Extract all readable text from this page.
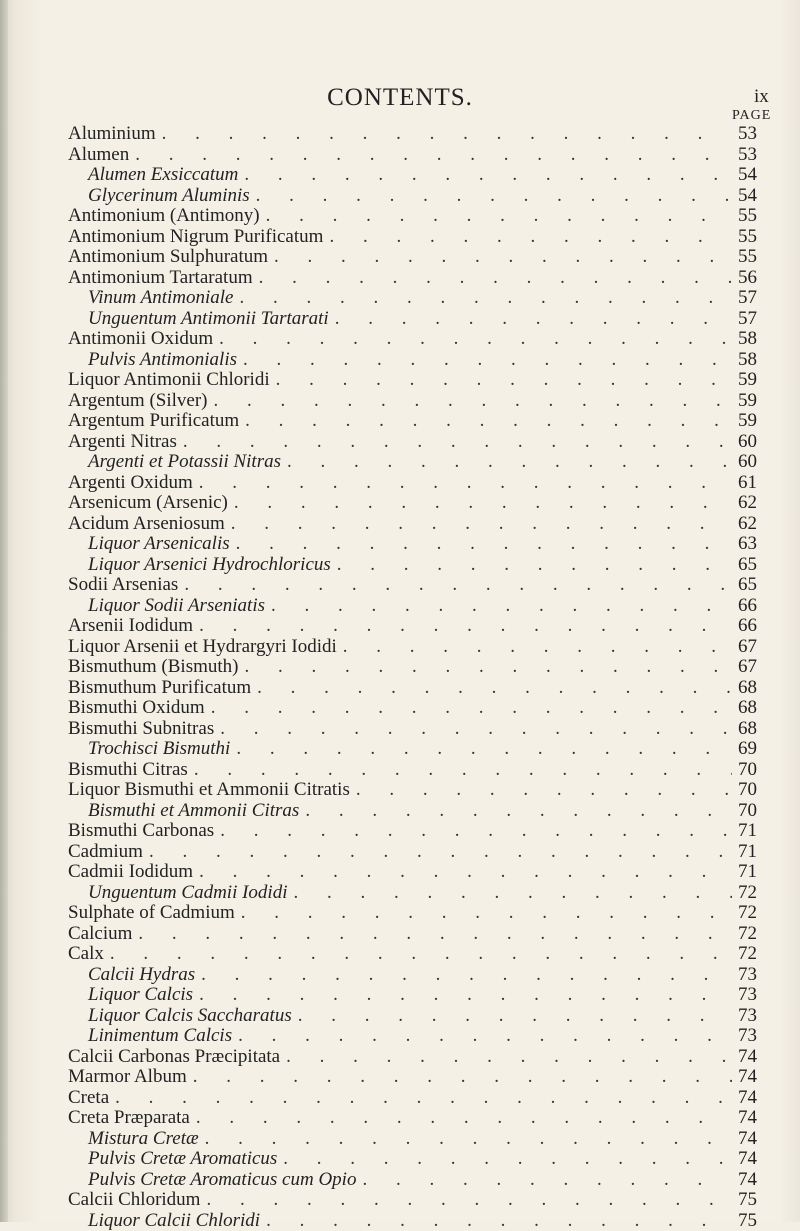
CONTENTS.	ix
PAGE
Aluminium . . .	53
Alumen . . .	53
Alumen Exsiccatum . . .	54
Glycerinum Aluminis . . .	54
Antimonium (Antimony) . . .	55
Antimonium Nigrum Purificatum . . .	55
Antimonium Sulphuratum . . .	55
Antimonium Tartaratum . . .	56
Vinum Antimoniale . . .	57
Unguentum Antimonii Tartarati . . .	57
Antimonii Oxidum . . .	58
Pulvis Antimonialis . . .	58
Liquor Antimonii Chloridi . . .	59
Argentum (Silver) . . .	59
Argentum Purificatum . . .	59
Argenti Nitras . . .	60
Argenti et Potassii Nitras . . .	60
Argenti Oxidum . . .	61
Arsenicum (Arsenic) . . .	62
Acidum Arseniosum . . .	62
Liquor Arsenicalis . . .	63
Liquor Arsenici Hydrochloricus . . .	65
Sodii Arsenias . . .	65
Liquor Sodii Arseniatis . . .	66
Arsenii Iodidum . . .	66
Liquor Arsenii et Hydrargyri Iodidi . . .	67
Bismuthum (Bismuth) . . .	67
Bismuthum Purificatum . . .	68
Bismuthi Oxidum . . .	68
Bismuthi Subnitras . . .	68
Trochisci Bismuthi . . .	69
Bismuthi Citras . . .	70
Liquor Bismuthi et Ammonii Citratis . . .	70
Bismuthi et Ammonii Citras . . .	70
Bismuthi Carbonas . . .	71
Cadmium . . .	71
Cadmii Iodidum . . .	71
Unguentum Cadmii Iodidi . . .	72
Sulphate of Cadmium . . .	72
Calcium . . .	72
Calx . . .	72
Calcii Hydras . . .	73
Liquor Calcis . . .	73
Liquor Calcis Saccharatus . . .	73
Linimentum Calcis . . .	73
Calcii Carbonas Præcipitata . . .	74
Marmor Album . . .	74
Creta . . .	74
Creta Præparata . . .	74
Mistura Cretæ . . .	74
Pulvis Cretæ Aromaticus . . .	74
Pulvis Cretæ Aromaticus cum Opio . . .	74
Calcii Chloridum . . .	75
Liquor Calcii Chloridi . . .	75
